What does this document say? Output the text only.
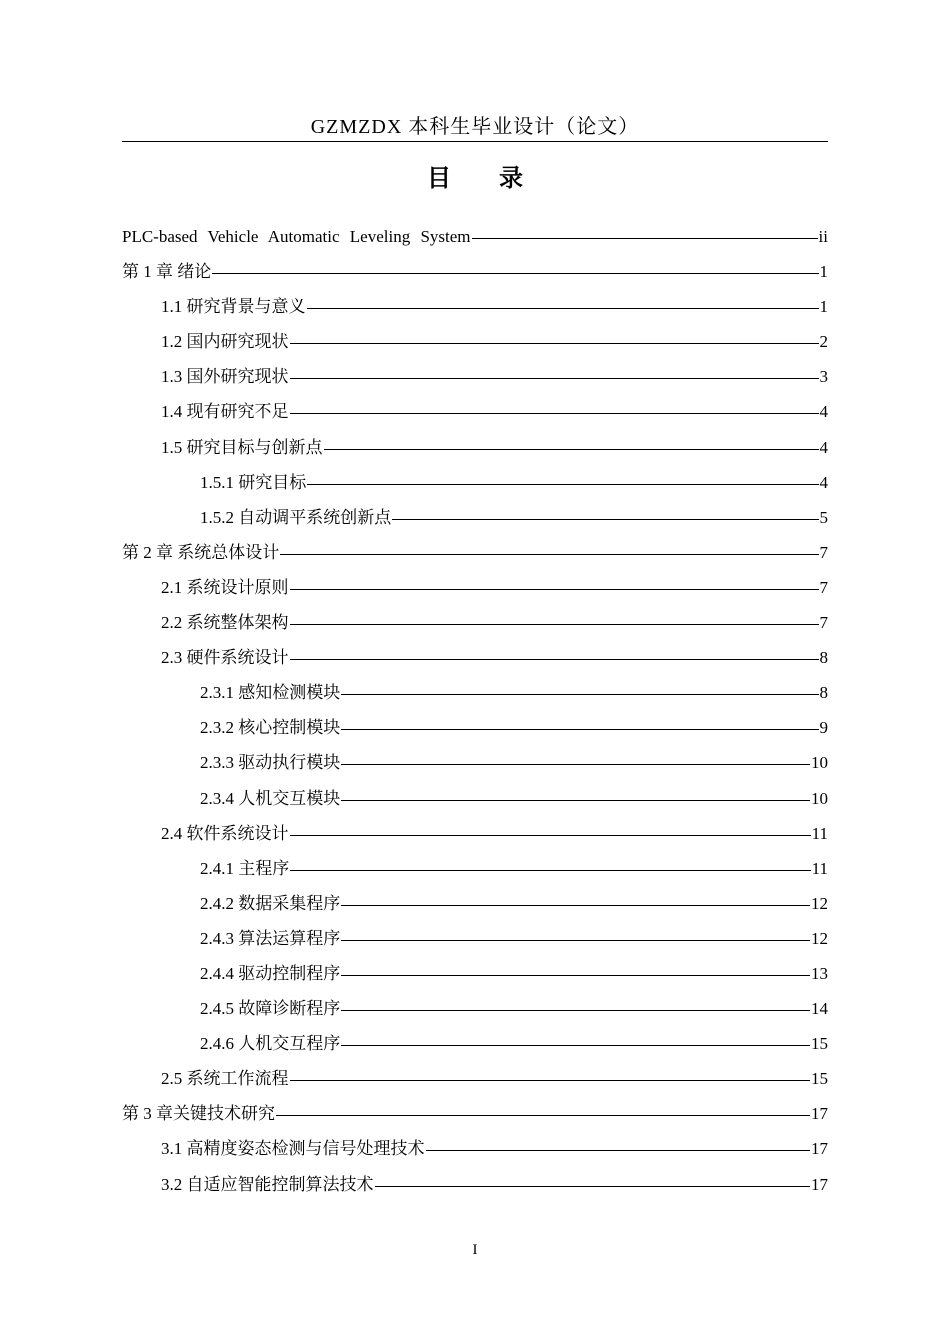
GZMZDX 本科生毕业设计（论文）
目 录
PLC-based Vehicle Automatic Leveling System	ii
第 1 章 绪论	1
1.1 研究背景与意义	1
1.2 国内研究现状	2
1.3 国外研究现状	3
1.4 现有研究不足	4
1.5 研究目标与创新点	4
1.5.1 研究目标	4
1.5.2 自动调平系统创新点	5
第 2 章 系统总体设计	7
2.1 系统设计原则	7
2.2 系统整体架构	7
2.3 硬件系统设计	8
2.3.1 感知检测模块	8
2.3.2 核心控制模块	9
2.3.3 驱动执行模块	10
2.3.4 人机交互模块	10
2.4 软件系统设计	11
2.4.1 主程序	11
2.4.2 数据采集程序	12
2.4.3 算法运算程序	12
2.4.4 驱动控制程序	13
2.4.5 故障诊断程序	14
2.4.6 人机交互程序	15
2.5 系统工作流程	15
第 3 章关键技术研究	17
3.1 高精度姿态检测与信号处理技术	17
3.2 自适应智能控制算法技术	17
I
